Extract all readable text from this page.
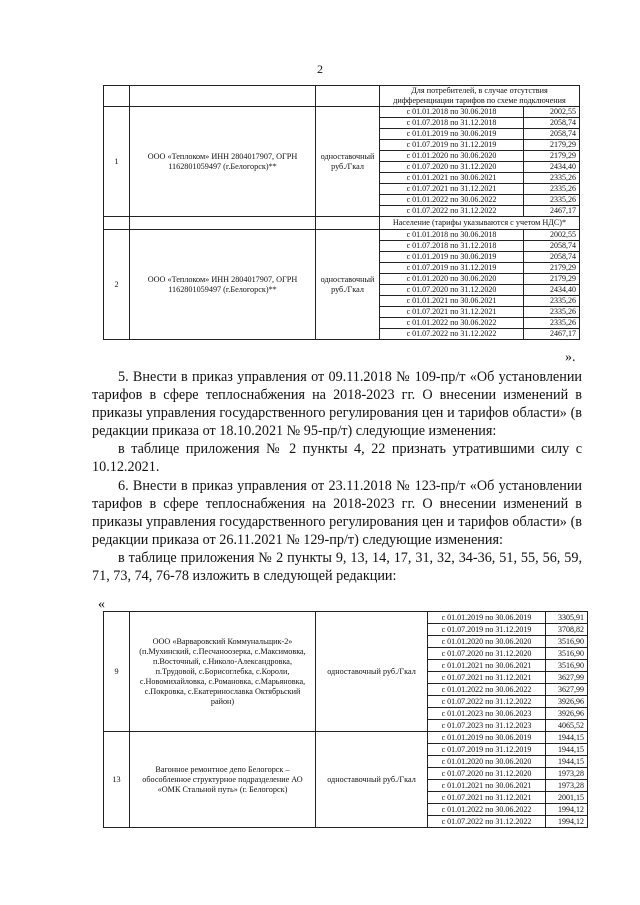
2
			Для потребителей, в случае отсутствия дифференциации тарифов по схеме подключения	
1	ООО «Теплоком» ИНН 2804017907, ОГРН 1162801059497 (г.Белогорск)**	одноставочный руб./Гкал	с 01.01.2018 по 30.06.2018	2002,55
			с 01.07.2018 по 31.12.2018	2058,74
			с 01.01.2019 по 30.06.2019	2058,74
			с 01.07.2019 по 31.12.2019	2179,29
			с 01.01.2020 по 30.06.2020	2179,29
			с 01.07.2020 по 31.12.2020	2434,40
			с 01.01.2021 по 30.06.2021	2335,26
			с 01.07.2021 по 31.12.2021	2335,26
			с 01.01.2022 по 30.06.2022	2335,26
			с 01.07.2022 по 31.12.2022	2467,17
			Население (тарифы указываются с учетом НДС)*	
2	ООО «Теплоком» ИНН 2804017907, ОГРН 1162801059497 (г.Белогорск)**	одноставочный руб./Гкал	с 01.01.2018 по 30.06.2018	2002,55
			с 01.07.2018 по 31.12.2018	2058,74
			с 01.01.2019 по 30.06.2019	2058,74
			с 01.07.2019 по 31.12.2019	2179,29
			с 01.01.2020 по 30.06.2020	2179,29
			с 01.07.2020 по 31.12.2020	2434,40
			с 01.01.2021 по 30.06.2021	2335,26
			с 01.07.2021 по 31.12.2021	2335,26
			с 01.01.2022 по 30.06.2022	2335,26
			с 01.07.2022 по 31.12.2022	2467,17
».

5. Внести в приказ управления от 09.11.2018 № 109-пр/т «Об установлении тарифов в сфере теплоснабжения на 2018-2023 гг. О внесении изменений в приказы управления государственного регулирования цен и тарифов области» (в редакции приказа от 18.10.2021 № 95-пр/т) следующие изменения:

в таблице приложения № 2 пункты 4, 22 признать утратившими силу с 10.12.2021.

6. Внести в приказ управления от 23.11.2018 № 123-пр/т «Об установлении тарифов в сфере теплоснабжения на 2018-2023 гг. О внесении изменений в приказы управления государственного регулирования цен и тарифов области» (в редакции приказа от 26.11.2021 № 129-пр/т) следующие изменения:

в таблице приложения № 2 пункты 9, 13, 14, 17, 31, 32, 34-36, 51, 55, 56, 59, 71, 73, 74, 76-78 изложить в следующей редакции:

«
9	ООО «Варваровский Коммунальщик-2» (п.Мухинский, с.Песчаноозерка, с.Максимовка, п.Восточный, с.Николо-Александровка, п.Трудовой, с.Борисоглебка, с.Короли, с.Новомихайловка, с.Романовка, с.Марьяновка, с.Покровка, с.Екатеринославка Октябрьский район)	одноставочный руб./Гкал	с 01.01.2019 по 30.06.2019	3305,91
			с 01.07.2019 по 31.12.2019	3708,82
			с 01.01.2020 по 30.06.2020	3516,90
			с 01.07.2020 по 31.12.2020	3516,90
			с 01.01.2021 по 30.06.2021	3516,90
			с 01.07.2021 по 31.12.2021	3627,99
			с 01.01.2022 по 30.06.2022	3627,99
			с 01.07.2022 по 31.12.2022	3926,96
			с 01.01.2023 по 30.06.2023	3926,96
			с 01.07.2023 по 31.12.2023	4065,52
13	Вагонное ремонтное депо Белогорск – обособленное структурное подразделение АО «ОМК Стальной путь» (г. Белогорск)	одноставочный руб./Гкал	с 01.01.2019 по 30.06.2019	1944,15
			с 01.07.2019 по 31.12.2019	1944,15
			с 01.01.2020 по 30.06.2020	1944,15
			с 01.07.2020 по 31.12.2020	1973,28
			с 01.01.2021 по 30.06.2021	1973,28
			с 01.07.2021 по 31.12.2021	2001,15
			с 01.01.2022 по 30.06.2022	1994,12
			с 01.07.2022 по 31.12.2022	1994,12
